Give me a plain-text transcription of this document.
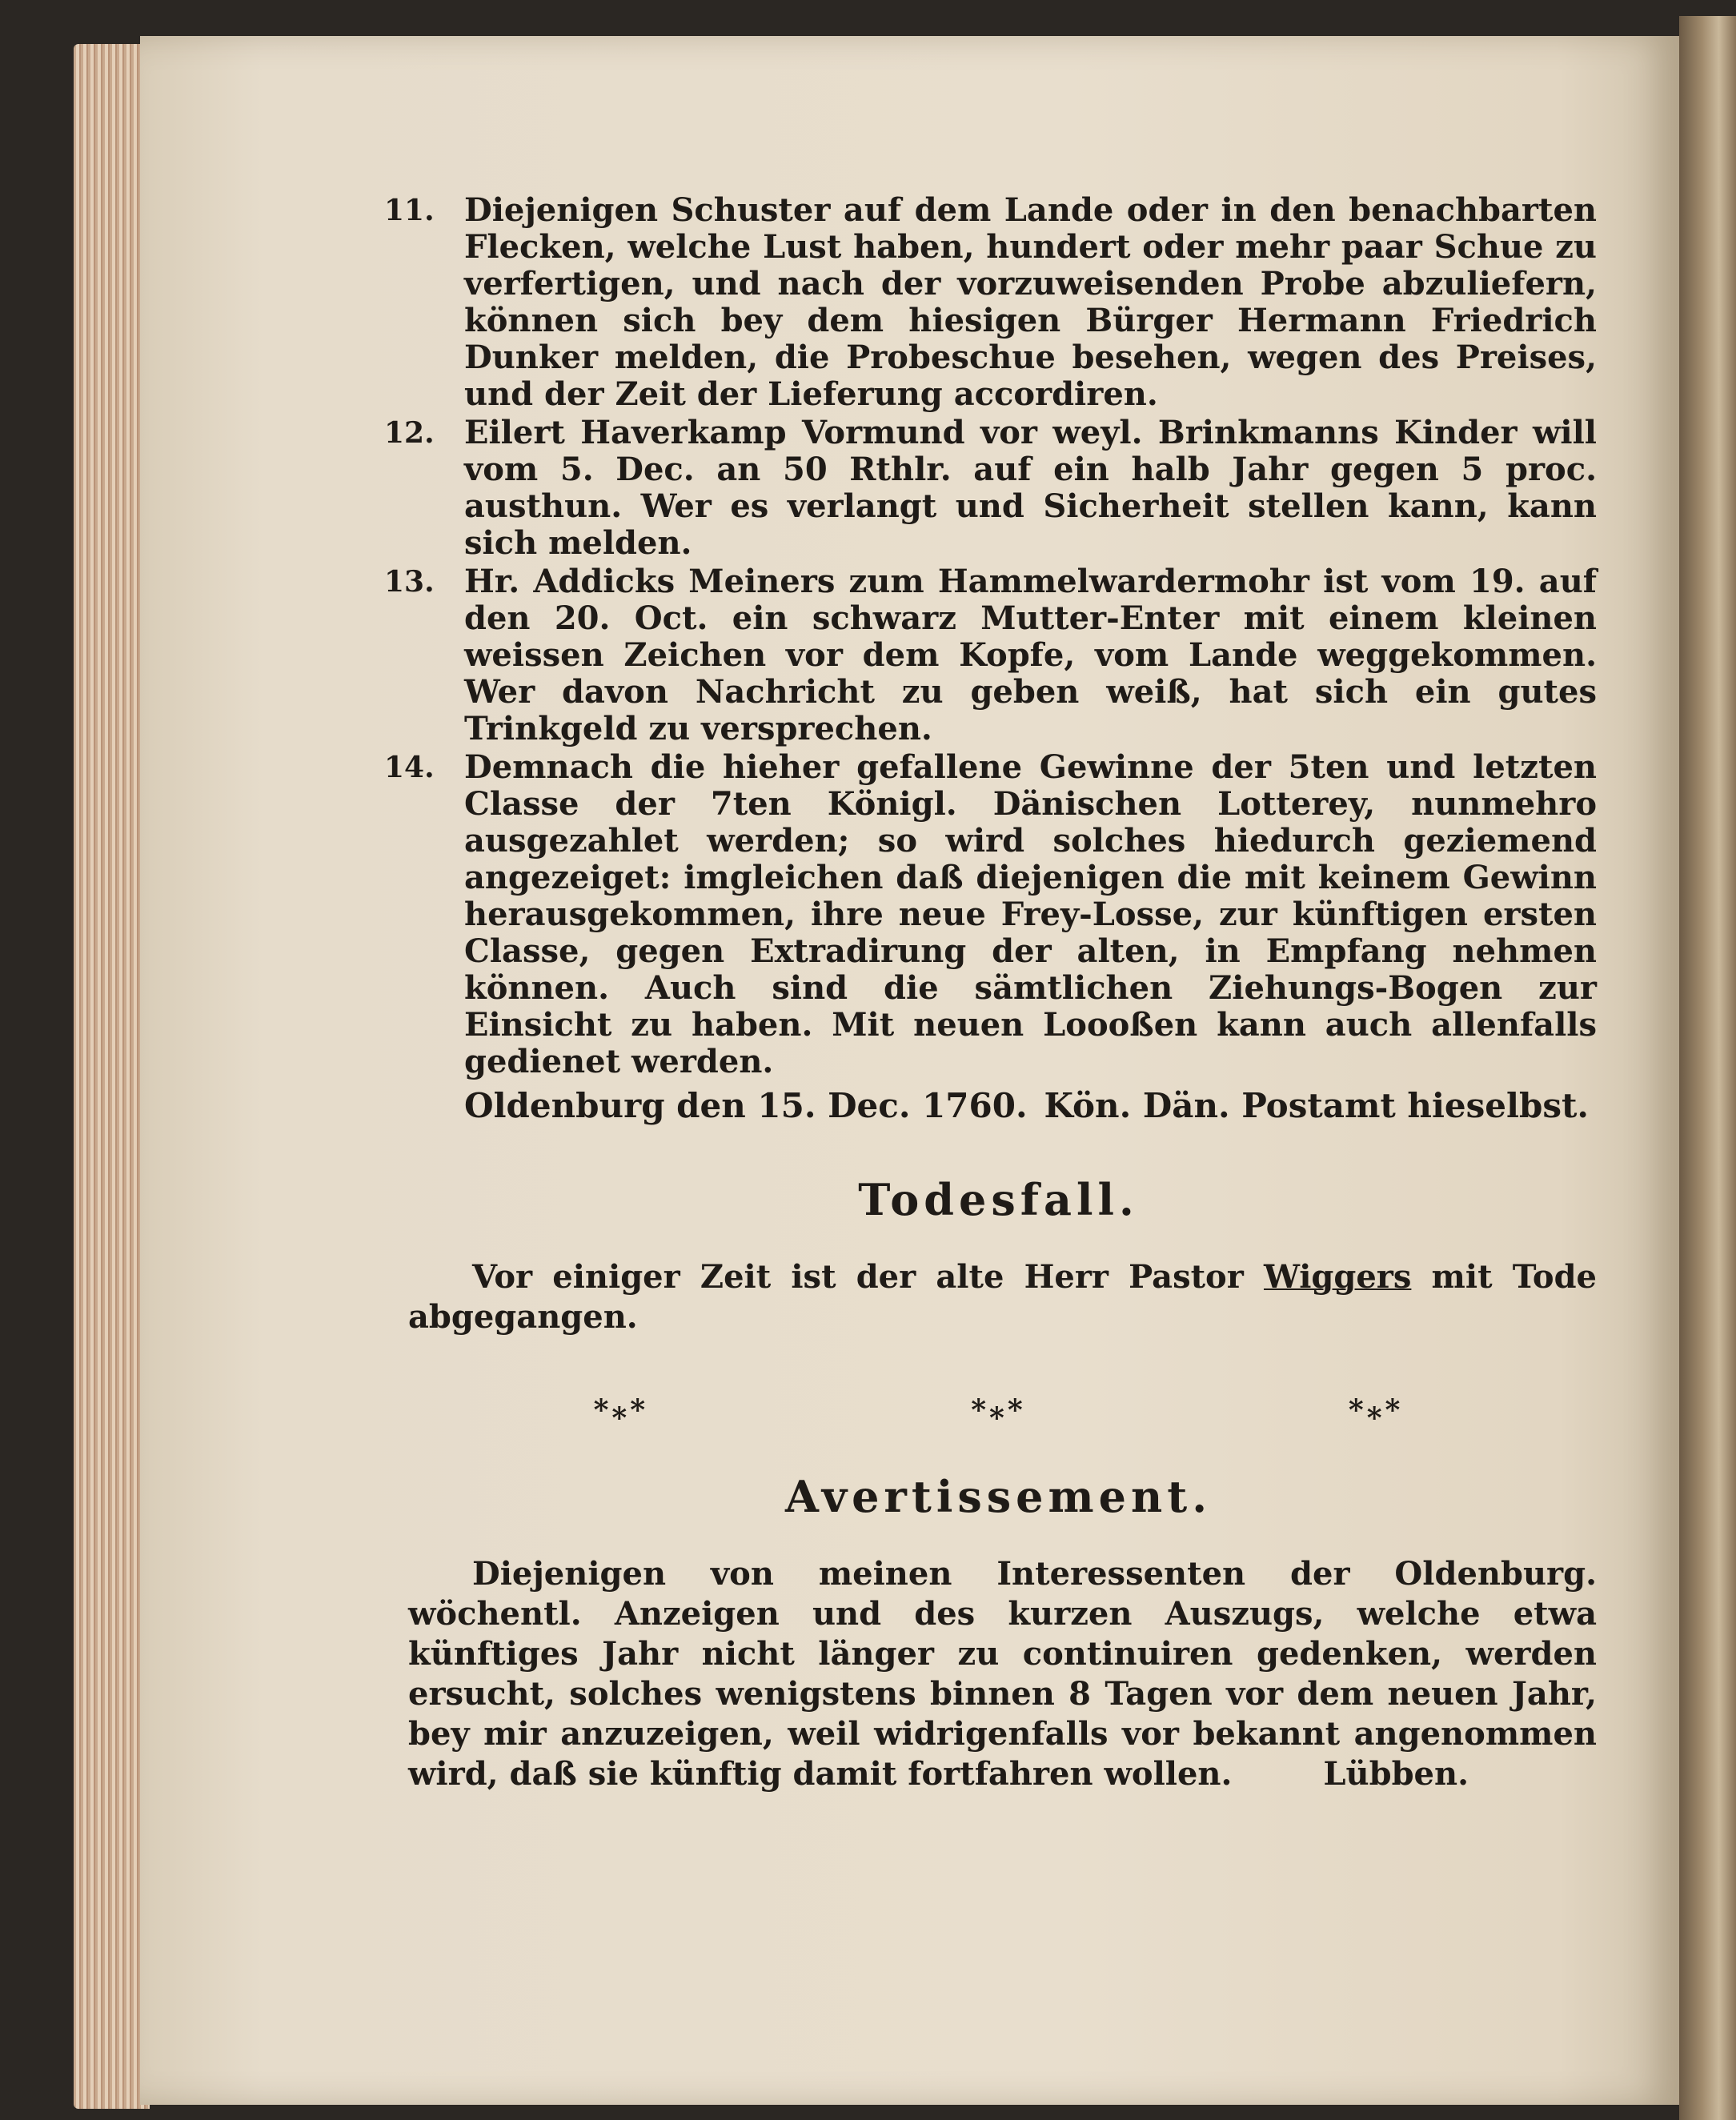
11. Diejenigen Schuster auf dem Lande oder in den benachbarten Flecken, welche Lust haben, hundert oder mehr paar Schue zu verfertigen, und nach der vorzuweisenden Probe abzuliefern, können sich bey dem hiesigen Bürger Hermann Friedrich Dunker melden, die Probeschue besehen, wegen des Preises, und der Zeit der Lieferung accordiren.
12. Eilert Haverkamp Vormund vor weyl. Brinkmanns Kinder will vom 5. Dec. an 50 Rthlr. auf ein halb Jahr gegen 5 proc. austhun. Wer es verlangt und Sicherheit stellen kann, kann sich melden.
13. Hr. Addicks Meiners zum Hammelwardermohr ist vom 19. auf den 20. Oct. ein schwarz Mutter-Enter mit einem kleinen weissen Zeichen vor dem Kopfe, vom Lande weggekommen. Wer davon Nachricht zu geben weiß, hat sich ein gutes Trinkgeld zu versprechen.
14. Demnach die hieher gefallene Gewinne der 5ten und letzten Classe der 7ten Königl. Dänischen Lotterey, nunmehro ausgezahlet werden; so wird solches hiedurch geziemend angezeiget: imgleichen daß diejenigen die mit keinem Gewinn herausgekommen, ihre neue Frey-Losse, zur künftigen ersten Classe, gegen Extradirung der alten, in Empfang nehmen können. Auch sind die sämtlichen Ziehungs-Bogen zur Einsicht zu haben. Mit neuen Loooßen kann auch allenfalls gedienet werden.
Oldenburg den 15. Dec. 1760. Kön. Dän. Postamt hieselbst.
Todesfall.
Vor einiger Zeit ist der alte Herr Pastor Wiggers mit Tode abgegangen.
*⁎*	*⁎*	*⁎*
Avertissement.
Diejenigen von meinen Interessenten der Oldenburg. wöchentl. Anzeigen und des kurzen Auszugs, welche etwa künftiges Jahr nicht länger zu continuiren gedenken, werden ersucht, solches wenigstens binnen 8 Tagen vor dem neuen Jahr, bey mir anzuzeigen, weil widrigenfalls vor bekannt angenommen wird, daß sie künftig damit fortfahren wollen.	Lübben.
